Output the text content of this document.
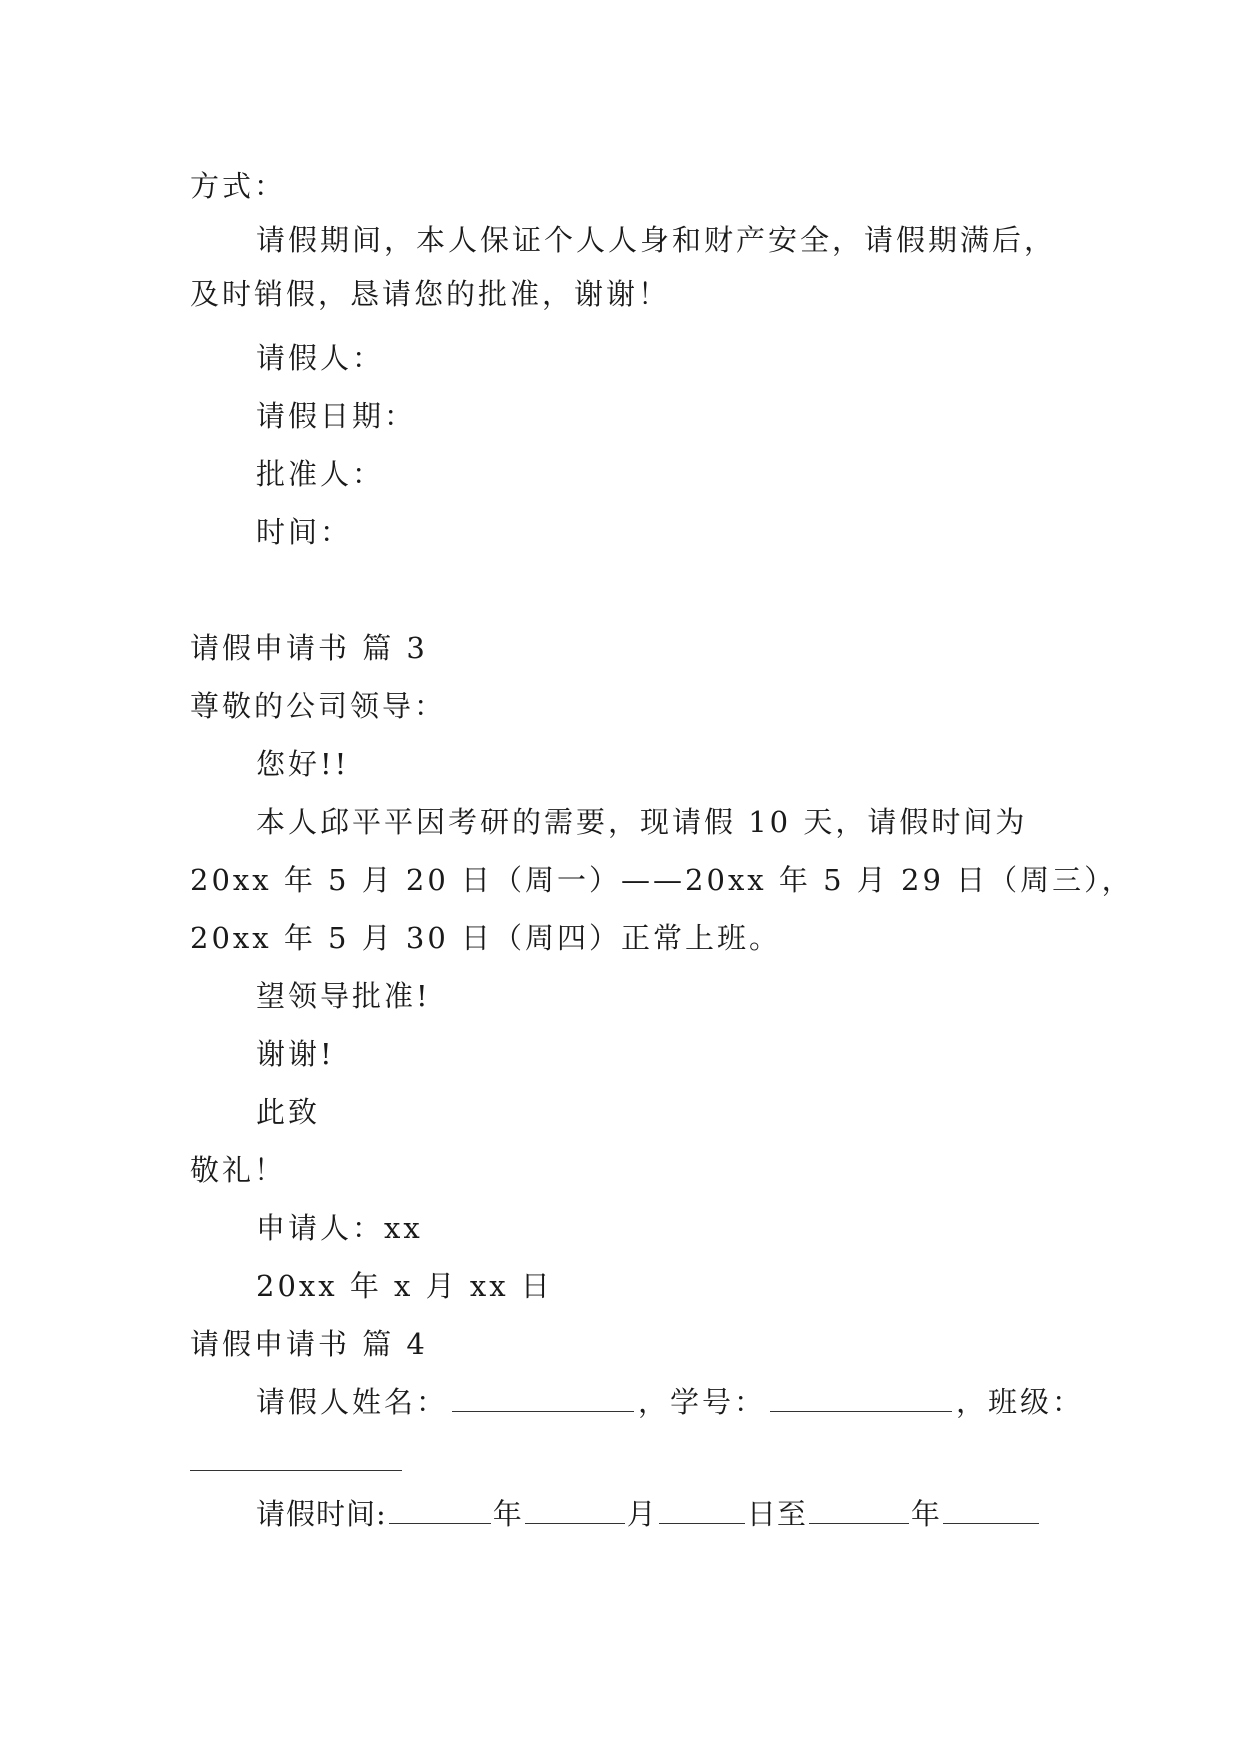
方式：
请假期间，本人保证个人人身和财产安全，请假期满后，
及时销假，恳请您的批准，谢谢！
请假人：
请假日期：
批准人：
时间：
请假申请书 篇 3
尊敬的公司领导：
您好!!
本人邱平平因考研的需要，现请假 10 天，请假时间为
20xx 年 5 月 20 日（周一）——20xx 年 5 月 29 日（周三），
20xx 年 5 月 30 日（周四）正常上班。
望领导批准!
谢谢!
此致
敬礼！
申请人：xx
20xx 年 x 月 xx 日
请假申请书 篇 4
请假人姓名：	，学号：	，班级：
请假时间:	年	月	日至	年
